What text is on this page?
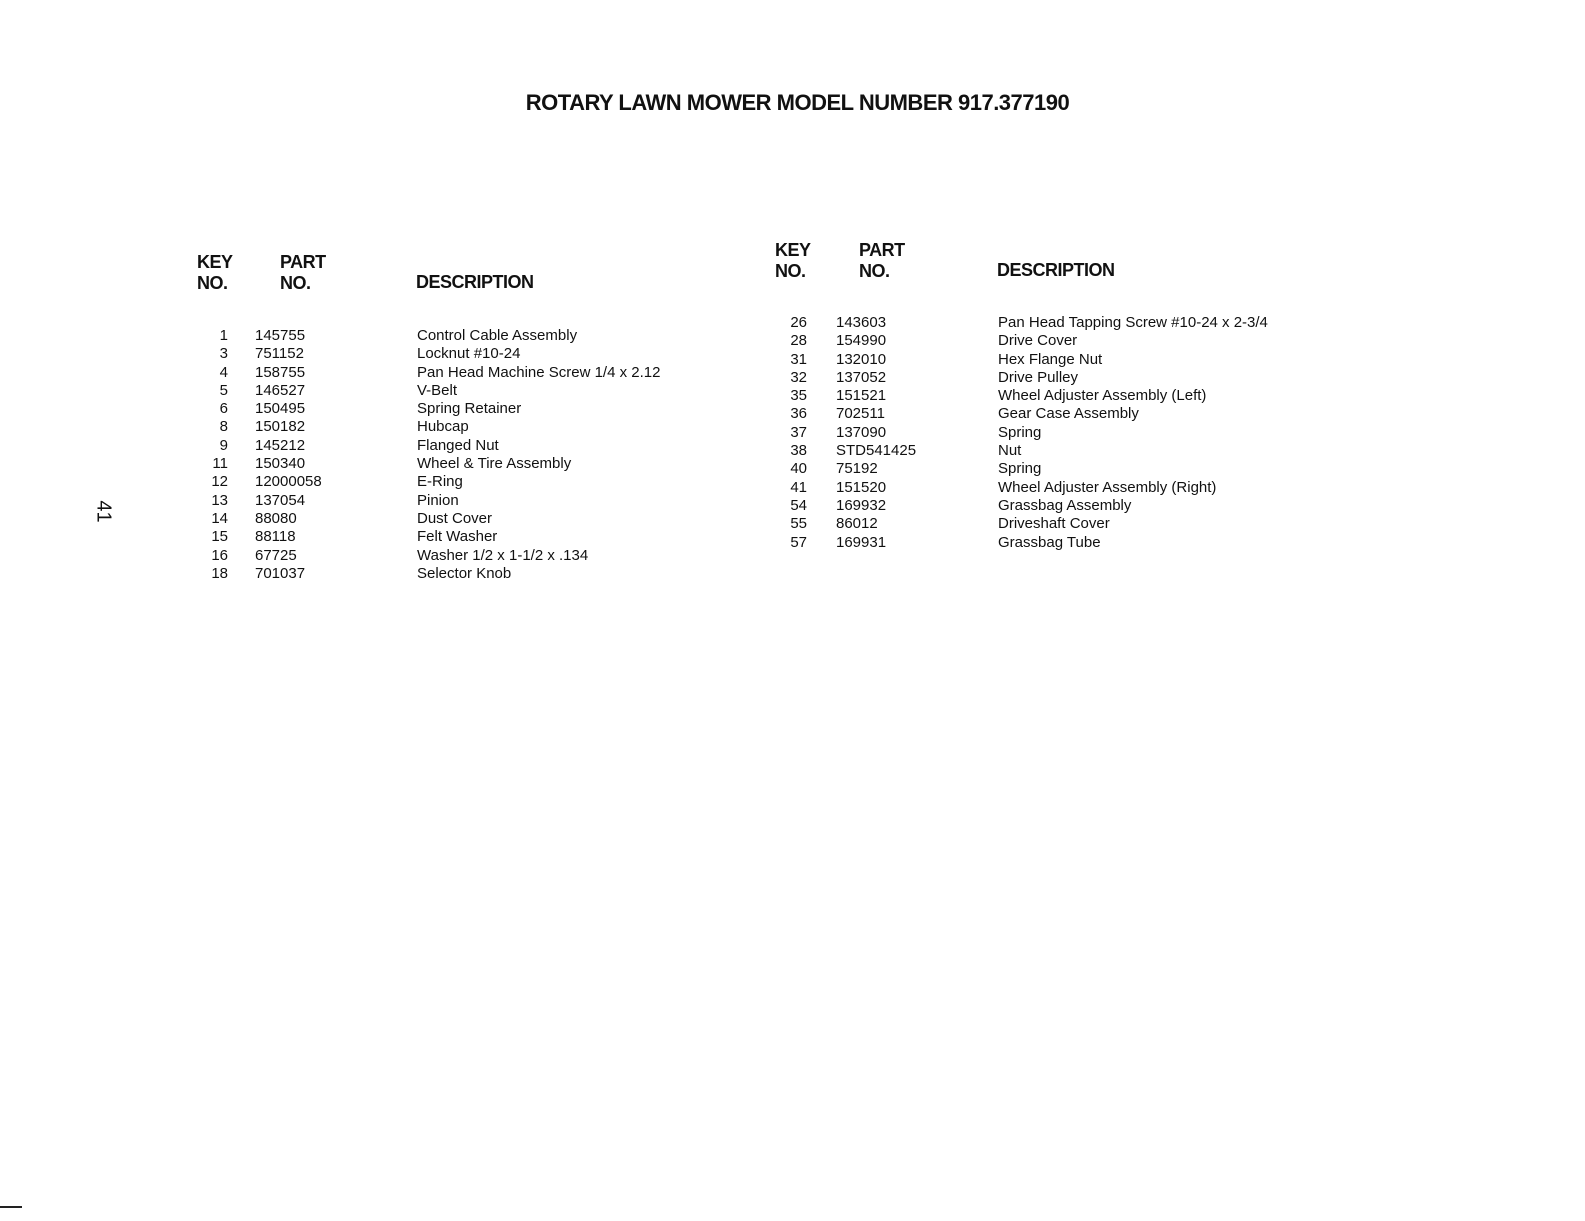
ROTARY LAWN MOWER MODEL NUMBER 917.377190
41
KEY
NO.
PART
NO.	DESCRIPTION
1 145755	Control Cable Assembly
3 751152	Locknut #10-24
4 158755	Pan Head Machine Screw 1/4 x 2.12
5 146527	V-Belt
6 150495	Spring Retainer
8 150182	Hubcap
9 145212	Flanged Nut
11 150340	Wheel & Tire Assembly
12 12000058	E-Ring
13 137054	Pinion
14 88080	Dust Cover
15 88118	Felt Washer
16 67725	Washer 1/2 x 1-1/2 x .134
18 701037	Selector Knob
KEY
NO.
PART
NO.	DESCRIPTION
26 143603	Pan Head Tapping Screw #10-24 x 2-3/4
28 154990	Drive Cover
31 132010	Hex Flange Nut
32 137052	Drive Pulley
35 151521	Wheel Adjuster Assembly (Left)
36 702511	Gear Case Assembly
37 137090	Spring
38 STD541425	Nut
40 75192	Spring
41 151520	Wheel Adjuster Assembly (Right)
54 169932	Grassbag Assembly
55 86012	Driveshaft Cover
57 169931	Grassbag Tube
